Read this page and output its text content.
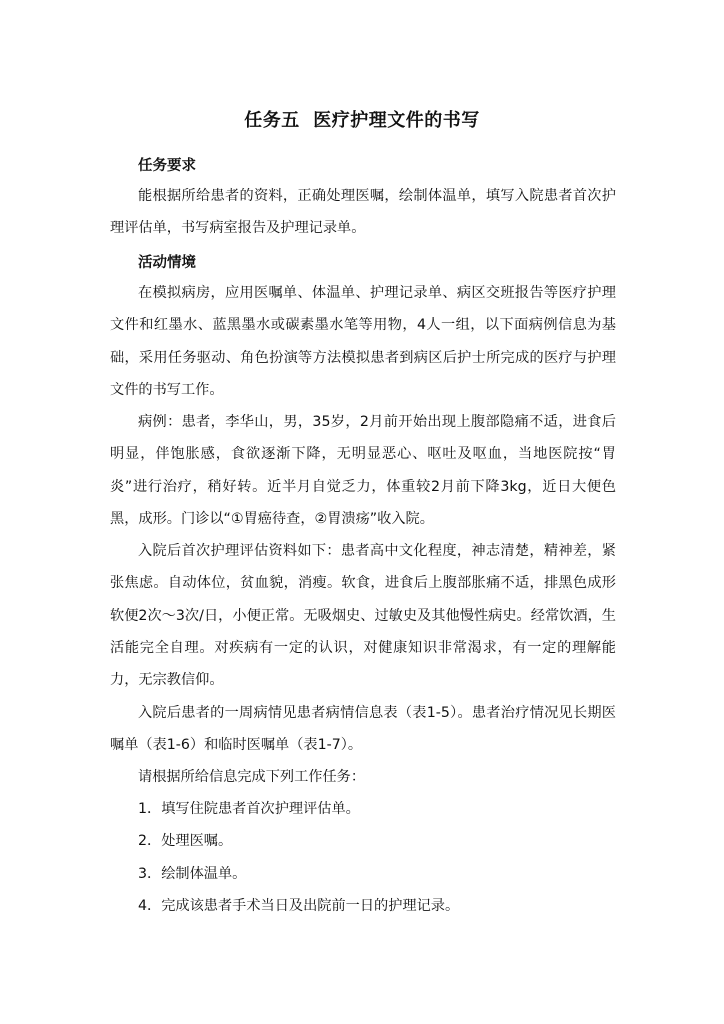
任务五  医疗护理文件的书写
任务要求
能根据所给患者的资料，正确处理医嘱，绘制体温单，填写入院患者首次护理评估单，书写病室报告及护理记录单。
活动情境
在模拟病房，应用医嘱单、体温单、护理记录单、病区交班报告等医疗护理文件和红墨水、蓝黑墨水或碳素墨水笔等用物，4人一组，以下面病例信息为基础，采用任务驱动、角色扮演等方法模拟患者到病区后护士所完成的医疗与护理文件的书写工作。
病例：患者，李华山，男，35岁，2月前开始出现上腹部隐痛不适，进食后明显，伴饱胀感，食欲逐渐下降，无明显恶心、呕吐及呕血，当地医院按“胃炎”进行治疗，稍好转。近半月自觉乏力，体重较2月前下降3kg，近日大便色黑，成形。门诊以“①胃癌待查，②胃溃疡”收入院。
入院后首次护理评估资料如下：患者高中文化程度，神志清楚，精神差，紧张焦虑。自动体位，贫血貌，消瘦。软食，进食后上腹部胀痛不适，排黑色成形软便2次～3次/日，小便正常。无吸烟史、过敏史及其他慢性病史。经常饮酒，生活能完全自理。对疾病有一定的认识，对健康知识非常渴求，有一定的理解能力，无宗教信仰。
入院后患者的一周病情见患者病情信息表（表1-5）。患者治疗情况见长期医嘱单（表1-6）和临时医嘱单（表1-7）。
请根据所给信息完成下列工作任务：
1．填写住院患者首次护理评估单。
2．处理医嘱。
3．绘制体温单。
4．完成该患者手术当日及出院前一日的护理记录。
